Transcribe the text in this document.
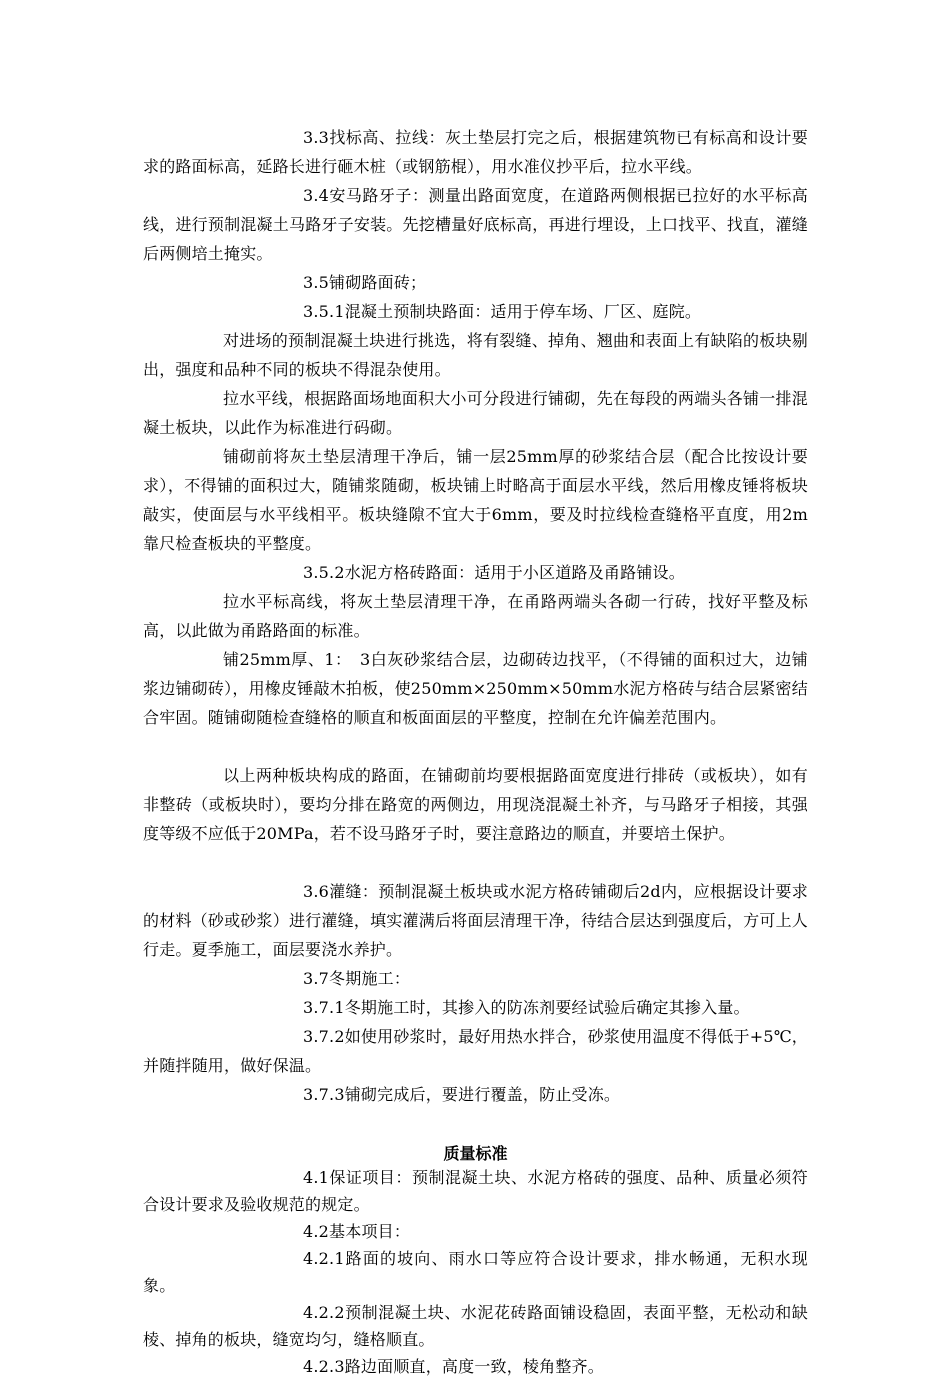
3.3找标高、拉线：灰土垫层打完之后，根据建筑物已有标高和设计要求的路面标高，延路长进行砸木桩（或钢筋棍），用水准仪抄平后，拉水平线。
3.4安马路牙子：测量出路面宽度，在道路两侧根据已拉好的水平标高线，进行预制混凝土马路牙子安装。先挖槽量好底标高，再进行埋设，上口找平、找直，灌缝后两侧培土掩实。
3.5铺砌路面砖；
3.5.1混凝土预制块路面：适用于停车场、厂区、庭院。
对进场的预制混凝土块进行挑选，将有裂缝、掉角、翘曲和表面上有缺陷的板块剔出，强度和品种不同的板块不得混杂使用。
拉水平线，根据路面场地面积大小可分段进行铺砌，先在每段的两端头各铺一排混凝土板块，以此作为标准进行码砌。
铺砌前将灰土垫层清理干净后，铺一层25mm厚的砂浆结合层（配合比按设计要求），不得铺的面积过大，随铺浆随砌，板块铺上时略高于面层水平线，然后用橡皮锤将板块敲实，使面层与水平线相平。板块缝隙不宜大于6mm，要及时拉线检查缝格平直度，用2m靠尺检查板块的平整度。
3.5.2水泥方格砖路面：适用于小区道路及甬路铺设。
拉水平标高线，将灰土垫层清理干净，在甬路两端头各砌一行砖，找好平整及标高，以此做为甬路路面的标准。
铺25mm厚、1：　3白灰砂浆结合层，边砌砖边找平，（不得铺的面积过大，边铺浆边铺砌砖），用橡皮锤敲木拍板，使250mm×250mm×50mm水泥方格砖与结合层紧密结合牢固。随铺砌随检查缝格的顺直和板面面层的平整度，控制在允许偏差范围内。
以上两种板块构成的路面，在铺砌前均要根据路面宽度进行排砖（或板块），如有非整砖（或板块时），要均分排在路宽的两侧边，用现浇混凝土补齐，与马路牙子相接，其强度等级不应低于20MPa，若不设马路牙子时，要注意路边的顺直，并要培土保护。
3.6灌缝：预制混凝土板块或水泥方格砖铺砌后2d内，应根据设计要求的材料（砂或砂浆）进行灌缝，填实灌满后将面层清理干净，待结合层达到强度后，方可上人行走。夏季施工，面层要浇水养护。
3.7冬期施工：
3.7.1冬期施工时，其掺入的防冻剂要经试验后确定其掺入量。
3.7.2如使用砂浆时，最好用热水拌合，砂浆使用温度不得低于+5℃，并随拌随用，做好保温。
3.7.3铺砌完成后，要进行覆盖，防止受冻。
质量标准
4.1保证项目：预制混凝土块、水泥方格砖的强度、品种、质量必须符合设计要求及验收规范的规定。
4.2基本项目：
4.2.1路面的坡向、雨水口等应符合设计要求，排水畅通，无积水现象。
4.2.2预制混凝土块、水泥花砖路面铺设稳固，表面平整，无松动和缺棱、掉角的板块，缝宽均匀，缝格顺直。
4.2.3路边面顺直，高度一致，棱角整齐。
